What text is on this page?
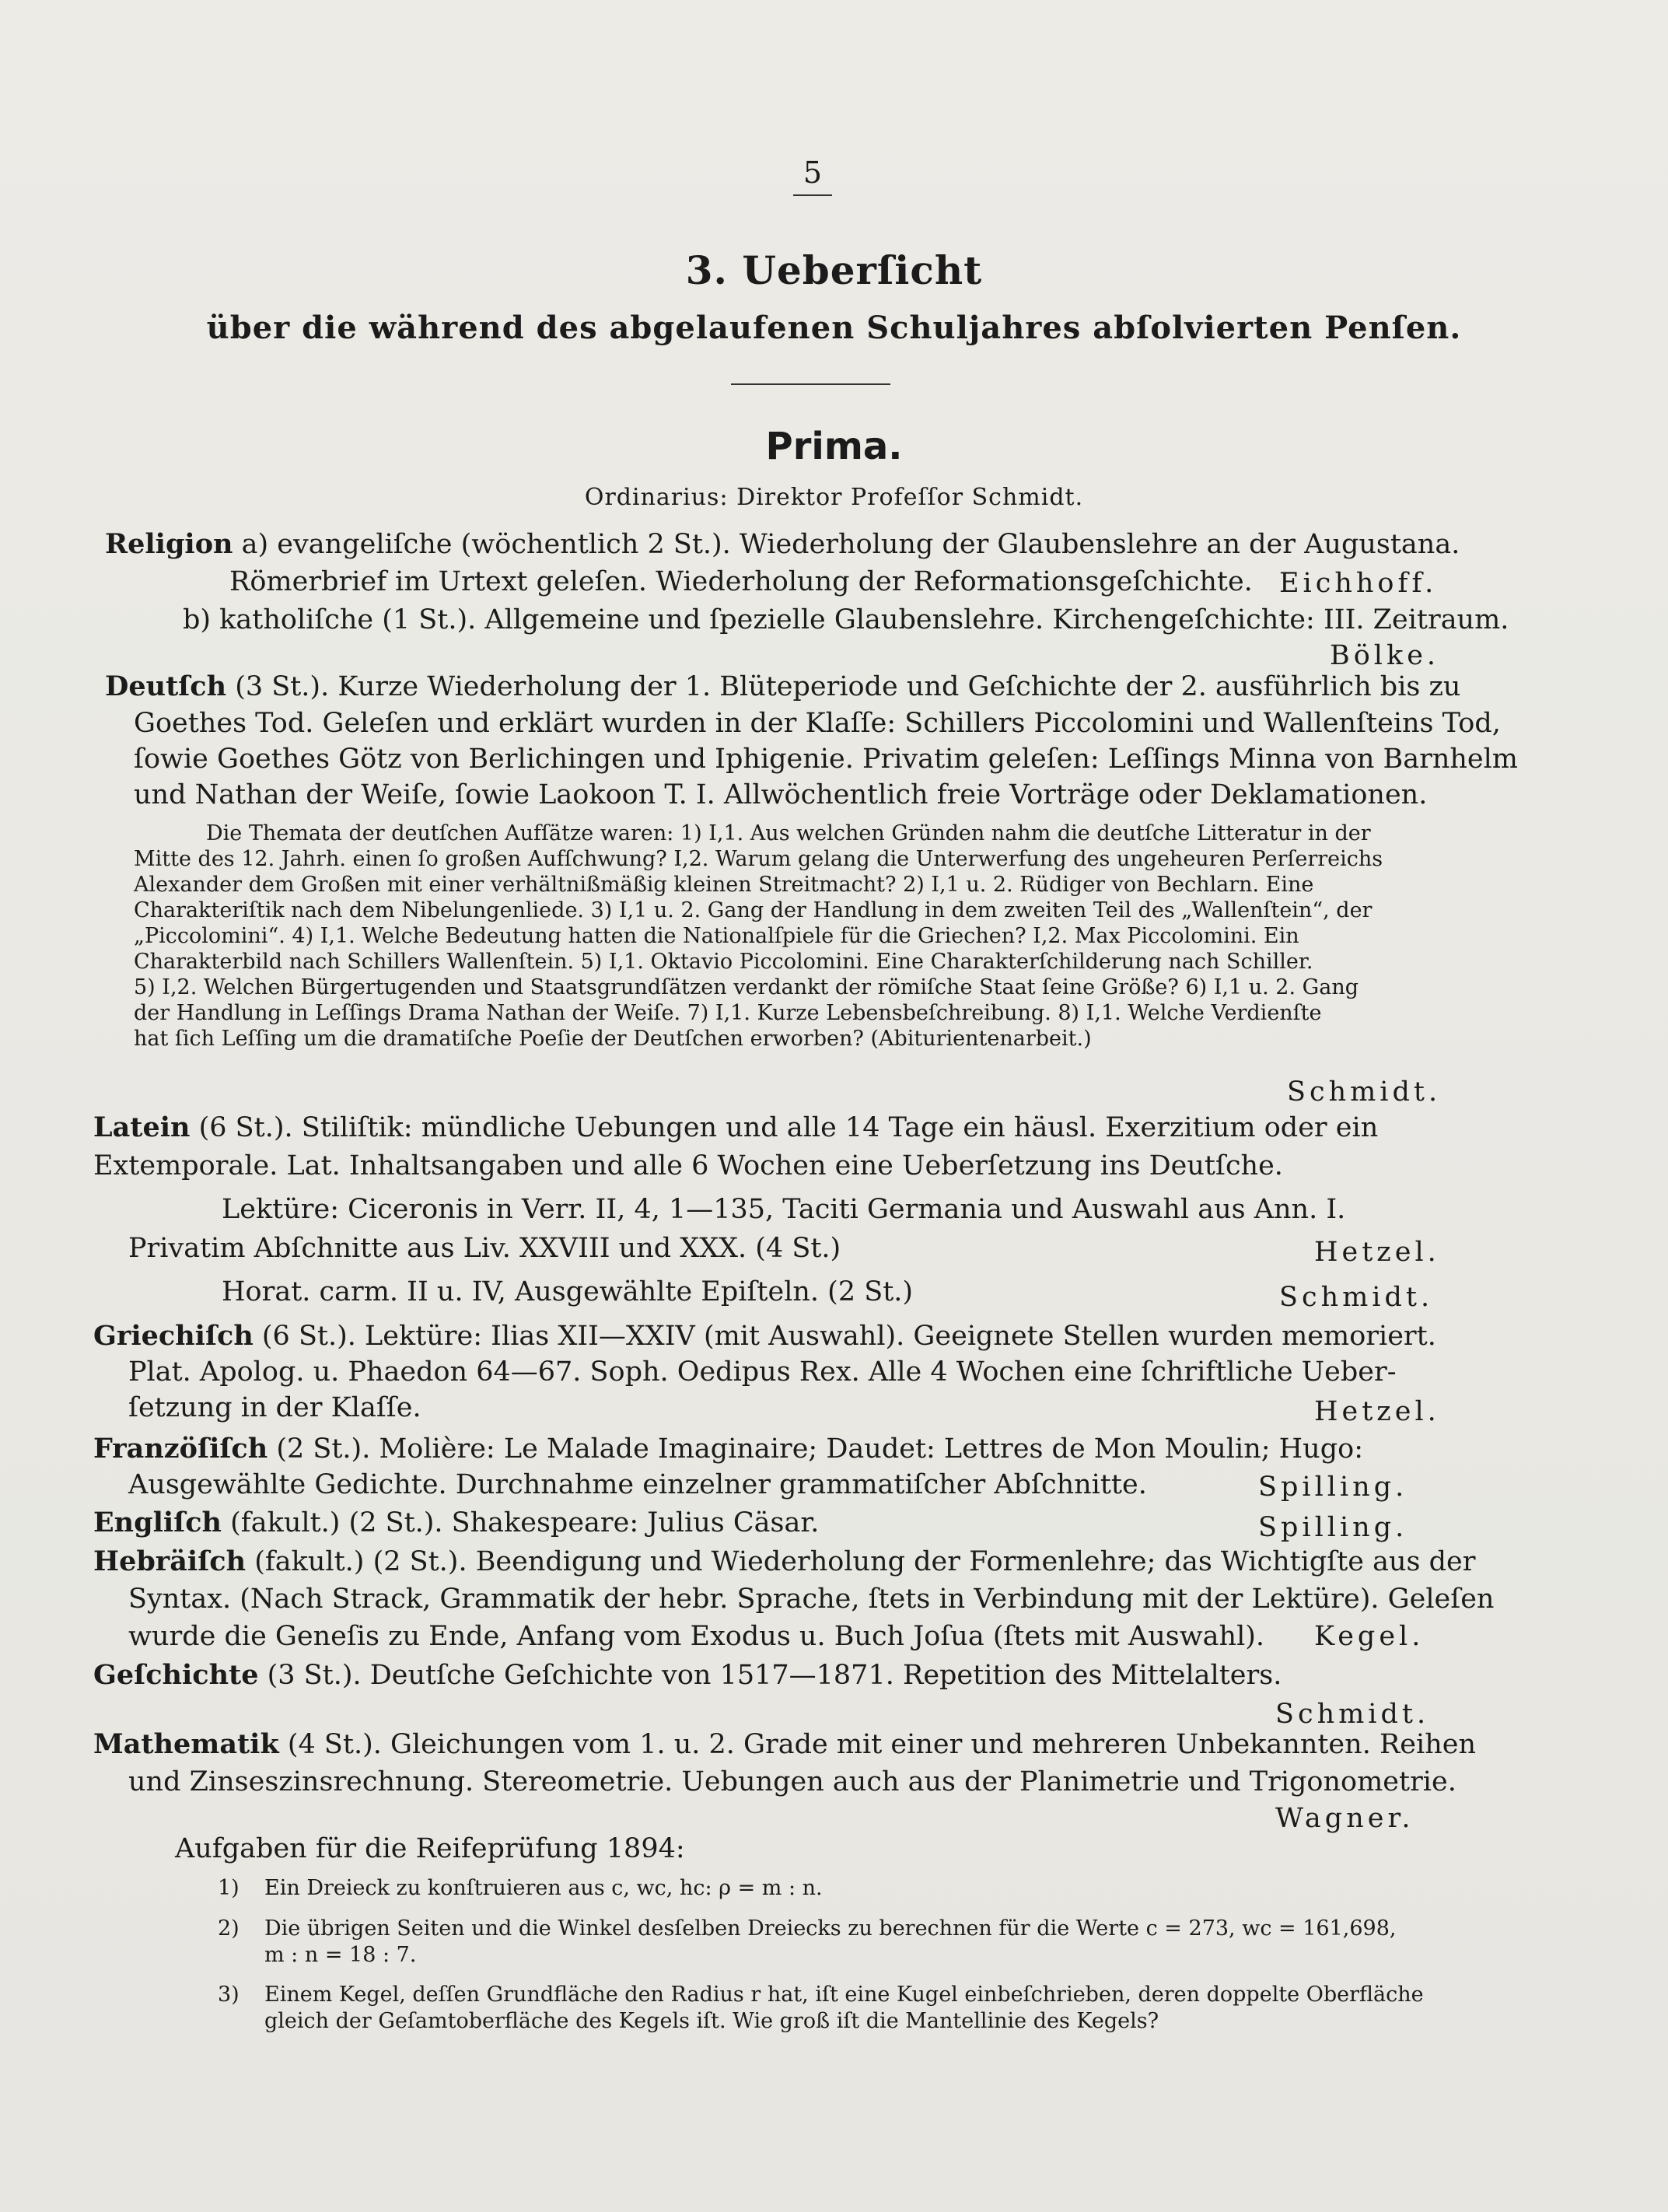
5
3. Ueberſicht
über die während des abgelaufenen Schuljahres abſolvierten Penſen.
Prima.
Ordinarius: Direktor Profeſſor Schmidt.
Religion a) evangeliſche (wöchentlich 2 St.). Wiederholung der Glaubenslehre an der Augustana.
Römerbrief im Urtext geleſen. Wiederholung der Reformationsgeſchichte. Eichhoff.
b) katholiſche (1 St.). Allgemeine und ſpezielle Glaubenslehre. Kirchengeſchichte: III. Zeitraum.
Bölke.
Deutſch (3 St.). Kurze Wiederholung der 1. Blüteperiode und Geſchichte der 2. ausführlich bis zu
Goethes Tod. Geleſen und erklärt wurden in der Klaſſe: Schillers Piccolomini und Wallenſteins Tod,
ſowie Goethes Götz von Berlichingen und Iphigenie. Privatim geleſen: Leſſings Minna von Barnhelm
und Nathan der Weiſe, ſowie Laokoon T. I. Allwöchentlich freie Vorträge oder Deklamationen.
Die Themata der deutſchen Aufſätze waren: 1) I,1. Aus welchen Gründen nahm die deutſche Litteratur in der
Mitte des 12. Jahrh. einen ſo großen Aufſchwung? I,2. Warum gelang die Unterwerfung des ungeheuren Perſerreichs
Alexander dem Großen mit einer verhältnißmäßig kleinen Streitmacht? 2) I,1 u. 2. Rüdiger von Bechlarn. Eine
Charakteriſtik nach dem Nibelungenliede. 3) I,1 u. 2. Gang der Handlung in dem zweiten Teil des „Wallenſtein“, der
„Piccolomini“. 4) I,1. Welche Bedeutung hatten die Nationalſpiele für die Griechen? I,2. Max Piccolomini. Ein
Charakterbild nach Schillers Wallenſtein. 5) I,1. Oktavio Piccolomini. Eine Charakterſchilderung nach Schiller.
5) I,2. Welchen Bürgertugenden und Staatsgrundſätzen verdankt der römiſche Staat ſeine Größe? 6) I,1 u. 2. Gang
der Handlung in Leſſings Drama Nathan der Weiſe. 7) I,1. Kurze Lebensbeſchreibung. 8) I,1. Welche Verdienſte
hat ſich Leſſing um die dramatiſche Poeſie der Deutſchen erworben? (Abiturientenarbeit.)
Schmidt.
Latein (6 St.). Stiliſtik: mündliche Uebungen und alle 14 Tage ein häusl. Exerzitium oder ein
Extemporale. Lat. Inhaltsangaben und alle 6 Wochen eine Ueberſetzung ins Deutſche.
Lektüre: Ciceronis in Verr. II, 4, 1—135, Taciti Germania und Auswahl aus Ann. I.
Privatim Abſchnitte aus Liv. XXVIII und XXX. (4 St.)	Hetzel.
Horat. carm. II u. IV, Ausgewählte Epiſteln. (2 St.)	Schmidt.
Griechiſch (6 St.). Lektüre: Ilias XII—XXIV (mit Auswahl). Geeignete Stellen wurden memoriert.
Plat. Apolog. u. Phaedon 64—67. Soph. Oedipus Rex. Alle 4 Wochen eine ſchriftliche Ueber-
ſetzung in der Klaſſe.	Hetzel.
Franzöſiſch (2 St.). Molière: Le Malade Imaginaire; Daudet: Lettres de Mon Moulin; Hugo:
Ausgewählte Gedichte. Durchnahme einzelner grammatiſcher Abſchnitte.	Spilling.
Engliſch (fakult.) (2 St.). Shakespeare: Julius Cäsar.	Spilling.
Hebräiſch (fakult.) (2 St.). Beendigung und Wiederholung der Formenlehre; das Wichtigſte aus der
Syntax. (Nach Strack, Grammatik der hebr. Sprache, ſtets in Verbindung mit der Lektüre). Geleſen
wurde die Geneſis zu Ende, Anfang vom Exodus u. Buch Joſua (ſtets mit Auswahl). Kegel.
Geſchichte (3 St.). Deutſche Geſchichte von 1517—1871. Repetition des Mittelalters.
Schmidt.
Mathematik (4 St.). Gleichungen vom 1. u. 2. Grade mit einer und mehreren Unbekannten. Reihen
und Zinseszinsrechnung. Stereometrie. Uebungen auch aus der Planimetrie und Trigonometrie.
Wagner.
Aufgaben für die Reifeprüfung 1894:
1) Ein Dreieck zu konſtruieren aus c, wc, hc: ρ = m : n.
2) Die übrigen Seiten und die Winkel desſelben Dreiecks zu berechnen für die Werte c = 273, wc = 161,698,
m : n = 18 : 7.
3) Einem Kegel, deſſen Grundfläche den Radius r hat, iſt eine Kugel einbeſchrieben, deren doppelte Oberfläche
gleich der Geſamtoberfläche des Kegels iſt. Wie groß iſt die Mantellinie des Kegels?
